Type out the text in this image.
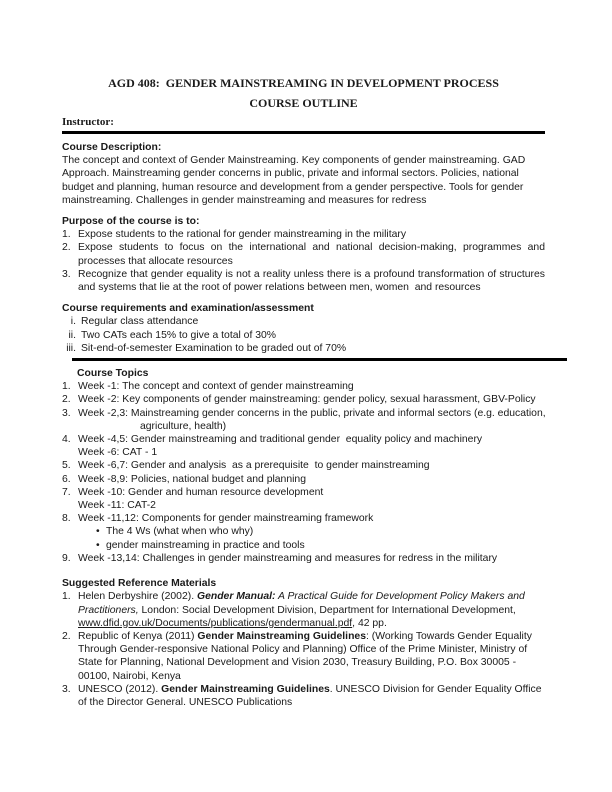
AGD 408:  GENDER MAINSTREAMING IN DEVELOPMENT PROCESS
COURSE OUTLINE
Instructor:

Course Description:

The concept and context of Gender Mainstreaming. Key components of gender mainstreaming. GAD Approach. Mainstreaming gender concerns in public, private and informal sectors. Policies, national budget and planning, human resource and development from a gender perspective. Tools for gender mainstreaming. Challenges in gender mainstreaming and measures for redress

Purpose of the course is to:

1. Expose students to the rational for gender mainstreaming in the military
2. Expose students to focus on the international and national decision-making, programmes and processes that allocate resources
3. Recognize that gender equality is not a reality unless there is a profound transformation of structures and systems that lie at the root of power relations between men, women  and resources

Course requirements and examination/assessment

i. Regular class attendance
ii. Two CATs each 15% to give a total of 30%
iii. Sit-end-of-semester Examination to be graded out of 70%

Course Topics

1. Week -1: The concept and context of gender mainstreaming
2. Week -2: Key components of gender mainstreaming: gender policy, sexual harassment, GBV-Policy
3. Week -2,3: Mainstreaming gender concerns in the public, private and informal sectors (e.g. education,

agriculture, health)

4. Week -4,5: Gender mainstreaming and traditional gender  equality policy and machinery

Week -6: CAT - 1

5. Week -6,7: Gender and analysis  as a prerequisite  to gender mainstreaming
6. Week -8,9: Policies, national budget and planning
7. Week -10: Gender and human resource development

Week -11: CAT-2

8. Week -11,12: Components for gender mainstreaming framework

• The 4 Ws (what when who why)

• gender mainstreaming in practice and tools

9. Week -13,14: Challenges in gender mainstreaming and measures for redress in the military

Suggested Reference Materials

1. Helen Derbyshire (2002). Gender Manual: A Practical Guide for Development Policy Makers and Practitioners, London: Social Development Division, Department for International Development, www.dfid.gov.uk/Documents/publications/gendermanual.pdf, 42 pp.
2. Republic of Kenya (2011) Gender Mainstreaming Guidelines: (Working Towards Gender Equality Through Gender-responsive National Policy and Planning) Office of the Prime Minister, Ministry of State for Planning, National Development and Vision 2030, Treasury Building, P.O. Box 30005 - 00100, Nairobi, Kenya
3. UNESCO (2012). Gender Mainstreaming Guidelines. UNESCO Division for Gender Equality Office of the Director General. UNESCO Publications
